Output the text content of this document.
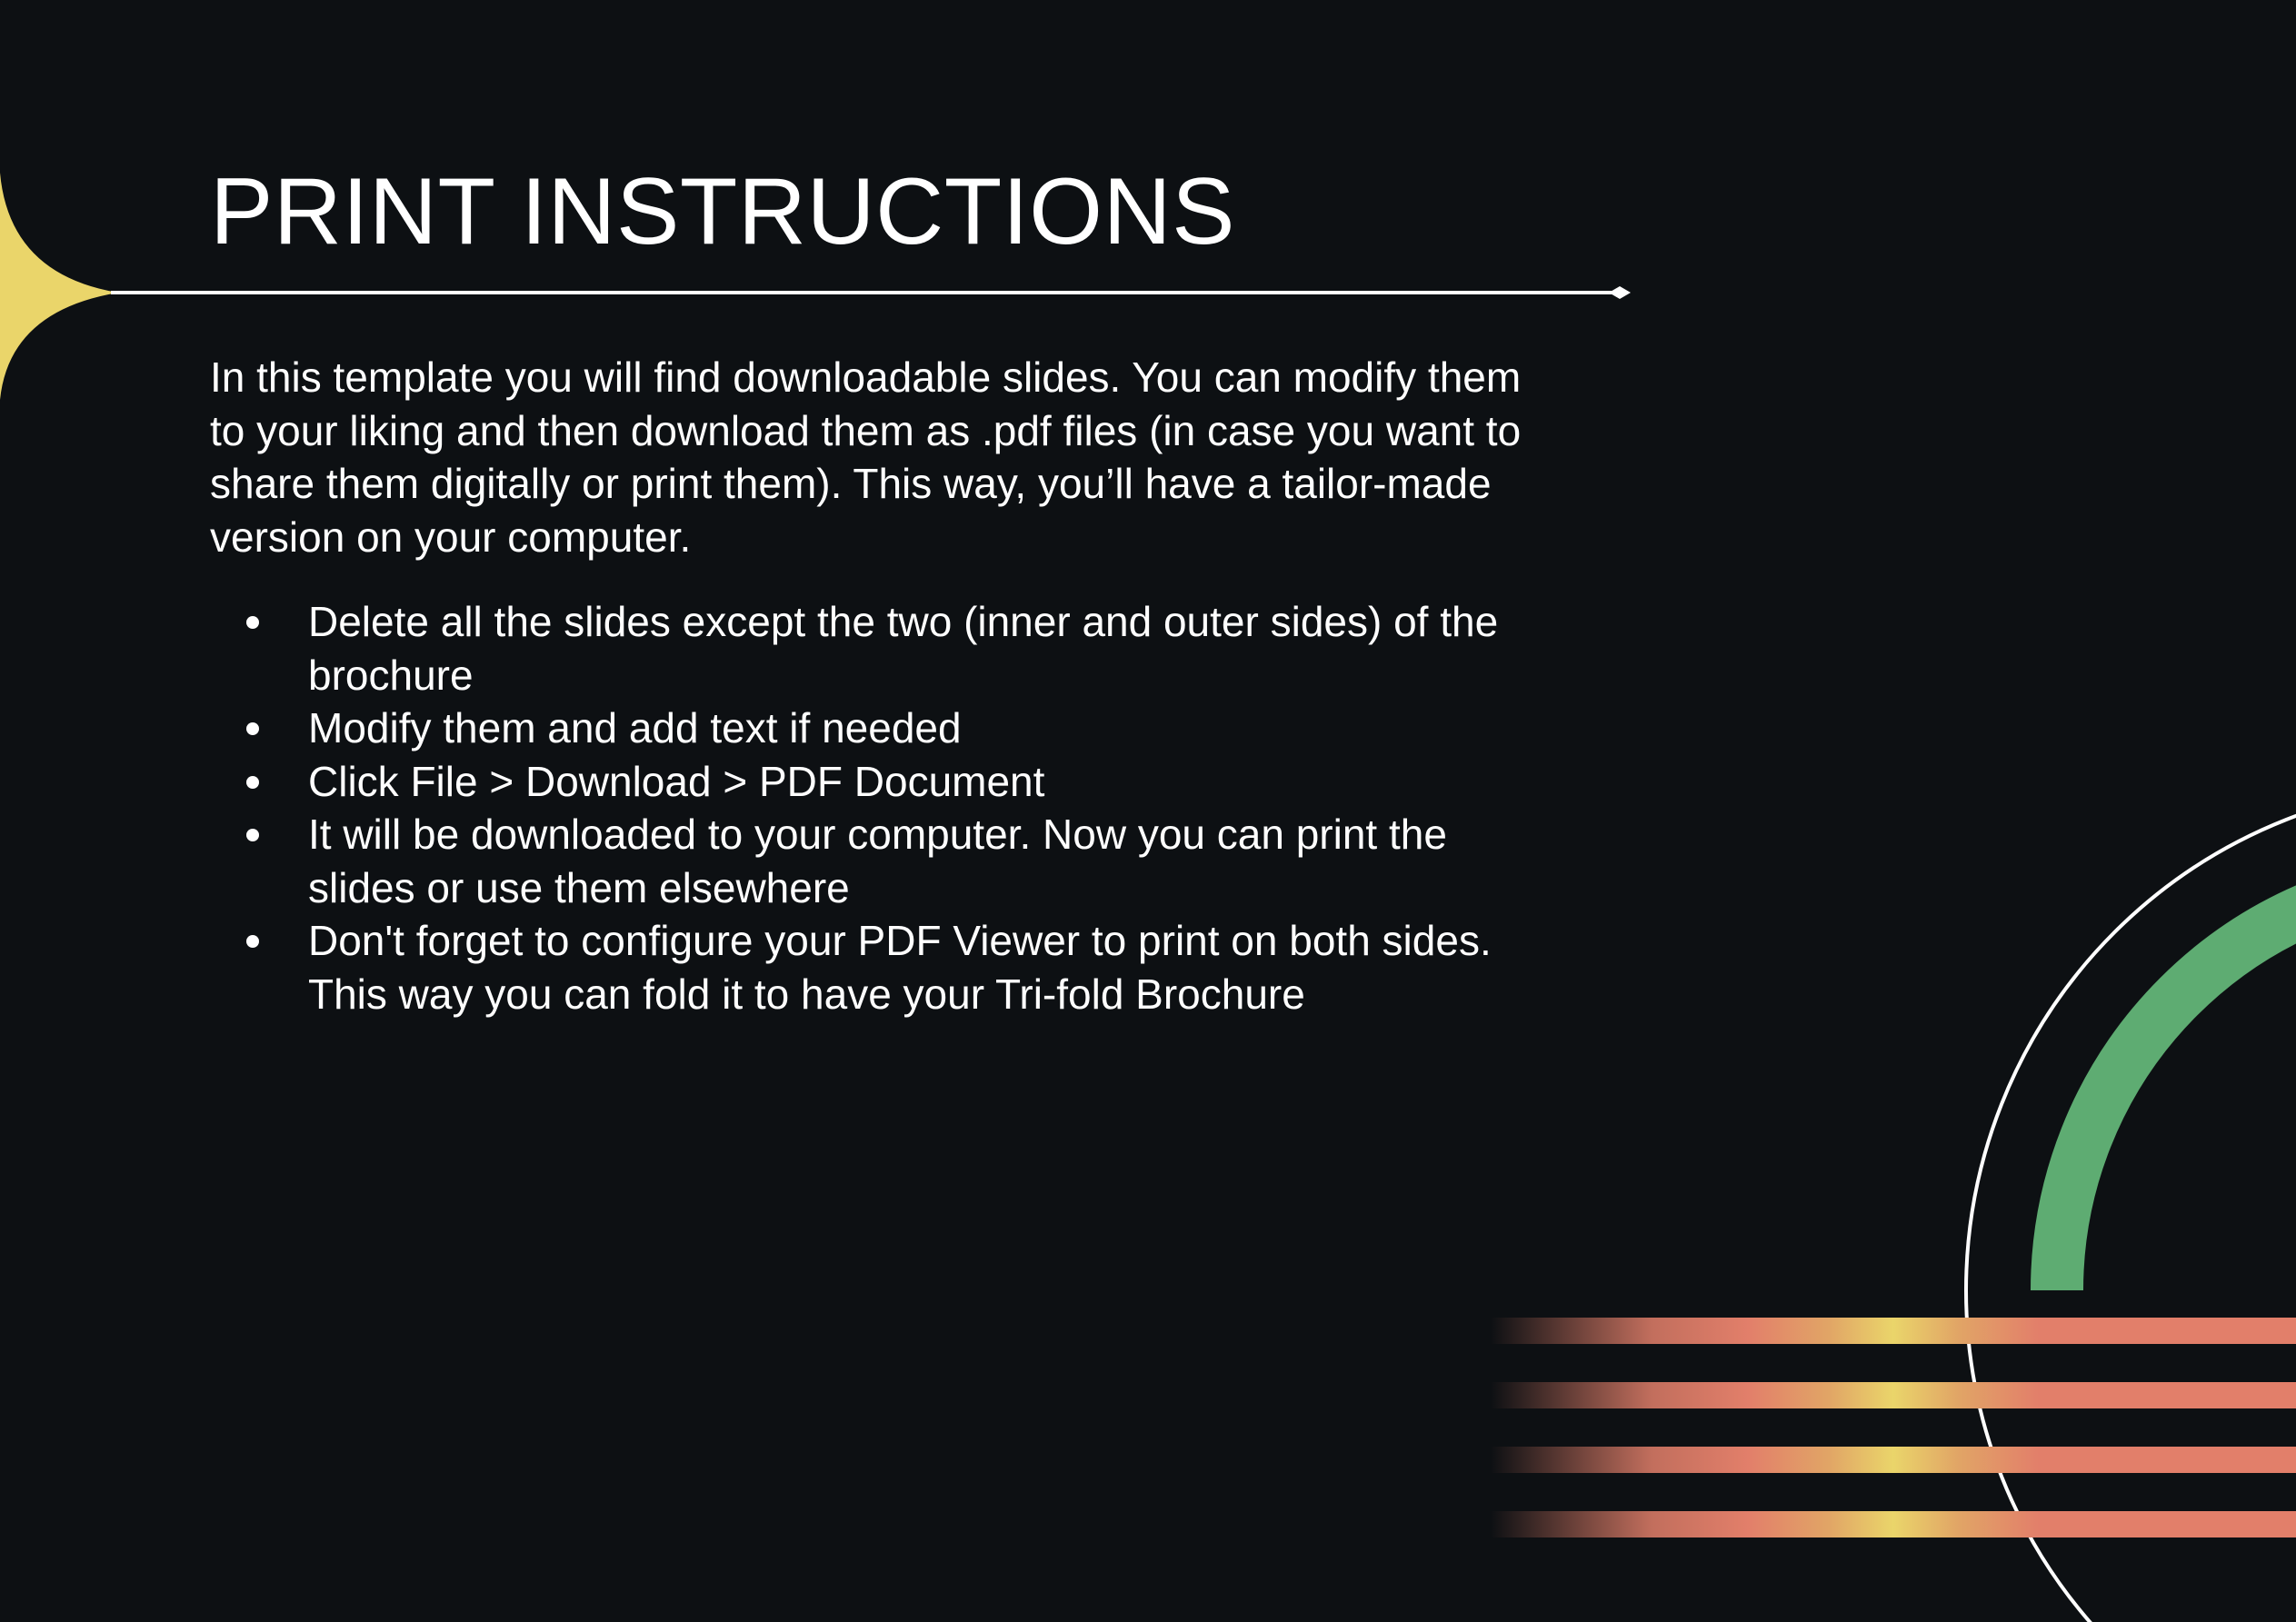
PRINT INSTRUCTIONS

In this template you will find downloadable slides. You can modify them to your liking and then download them as .pdf files (in case you want to share them digitally or print them). This way, you’ll have a tailor-made version on your computer.

Delete all the slides except the two (inner and outer sides) of the brochure
Modify them and add text if needed
Click File > Download > PDF Document
It will be downloaded to your computer. Now you can print the slides or use them elsewhere
Don't forget to configure your PDF Viewer to print on both sides. This way you can fold it to have your Tri-fold Brochure
